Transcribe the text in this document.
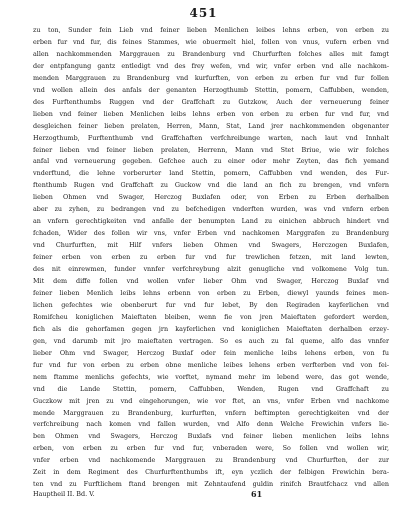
451
zu ton, Sunder fein Lieb vnd feiner lieben Menlichen leibes lehns erben, von erben zu
erben fur vnd fur, dis feines Stammes, wie obuermelt hiel, follen von vnus, vufern erben vnd
allen nachkommenden Marggrauen zu Brandenburg vnd Churfurften folches alles mit famgt
der entpfangung gantz entledigt vnd des frey wefen, vnd wir, vnfer erben vnd alle nachkom-
menden Marggrauen zu Brandenburg vnd kurfurften, von erben zu erben fur vnd fur follen
vnd wollen allein des anfals der genanten Herzogthumb Stettin, pomern, Caffubben, wenden,
des Furftenthumbs Ruggen vnd der Graffchaft zu Gutzkow, Auch der verneuerung feiner
lieben vnd feiner lieben Menlichen leibs lehns erben von erben zu erben fur vnd fur, vnd
desgleichen feiner lieben prelaten, Herren, Mann, Stat, Land jrer nachkommenden obgenanter
Herzogthumb, Furftenthumb vnd Graffchaften verfchreibunge warten, nach laut vnd Innhalt
feiner lieben vnd feiner lieben prelaten, Herrenn, Mann vnd Stet Briue, wie wir folches
anfal vnd verneuerung gegeben. Gefchee auch zu einer oder mehr Zeyten, das fich yemand
vnderftund, die lehne vorberurter land Stettin, pomern, Caffubben vnd wenden, des Fur-
ftenthumb Rugen vnd Graffchaft zu Guckow vnd die land an fich zu brengen, vnd vnfern
lieben Ohmen vnd Swager, Herczog Buxlafen oder, von Erben zu Erben derhalben
aber zu zyhen, zu bedrangen vnd zu befchedigen vnderften wurden, was vnd vnfern erben
an vnfern gerechtigkeiten vnd anfalle der benumpten Land zu einichen abbruch hindert vnd
fchaden, Wider des follen wir vns, vnfer Erben vnd nachkomen Marggrafen zu Brandenburg
vnd Churfurften, mit Hilf vnfers lieben Ohmen vnd Swagers, Herczogen Buxlafen,
feiner erben von erben zu erben fur vnd fur trewlichen fetzen, mit land lewten,
des nit einrewmen, funder vnnfer verfchreybung alzit genugliche vnd volkomene Volg tun.
Mit dem diffe follen vnd wollen vnfer lieber Ohm vnd Swager, Herczog Buxlaf vnd
feiner lieben Menlich leibs lehns erbenn von erben zu Erben, diewyl yaunds feines men-
lichen gefechtes wie obenberurt fur vnd fur lebet, By den Regiraden kayferlichen vnd
Romifcheu koniglichen Maieftaten bleiben, wenn fie von jren Maieftaten gefordert werden,
fich als die gehorfamen gegen jrn kayferlichen vnd koniglichen Maieftaten derhalben erzey-
gen, vnd darumb mit jro maieftaten vertragen. So es auch zu fal queme, alfo das vnnfer
lieber Ohm vnd Swager, Herczog Buxlaf oder fein menliche leibs lehens erben, von fu
fur vnd fur von erben zu erben obne menliche leibes lehens erben verfterben vnd von fei-
nem ftamme menlichs gefechts, wie vorftet, nymand mehr im lebend were, das got wende,
vnd die Lande Stettin, pomern, Caffubben, Wenden, Rugen vnd Graffchaft zu
Guczkow mit jren zu vnd eingehorungen, wie vor ftet, an vns, vnfer Erben vnd nachkome
mende Marggrauen zu Brandenburg, kurfurften, vnfern beftimpten gerechtigkeiten vnd der
verfchreibung nach komen vnd fallen wurden, vnd Alfo denn Welche Frewichin vnfers lie-
ben Ohmen vnd Swagers, Herczog Buxlafs vnd feiner lieben menlichen leibs lehns
erben, von erben zu erben fur vnd fur, vnberaden were, So follen vnd wollen wir,
vnfer erben vnd nachkomende Marggrauen zu Brandenburg vnd Churfurften, der zur
Zeit in dem Regiment des Churfurftenthumbs ift, eyn yczlich der felbigen Frewichin bera-
ten vnd zu Furftlichem ftand brengen mit Zehntaufend guldin rinifch Brautfchacz vnd allen
Hauptheil II. Bd. V.	61
